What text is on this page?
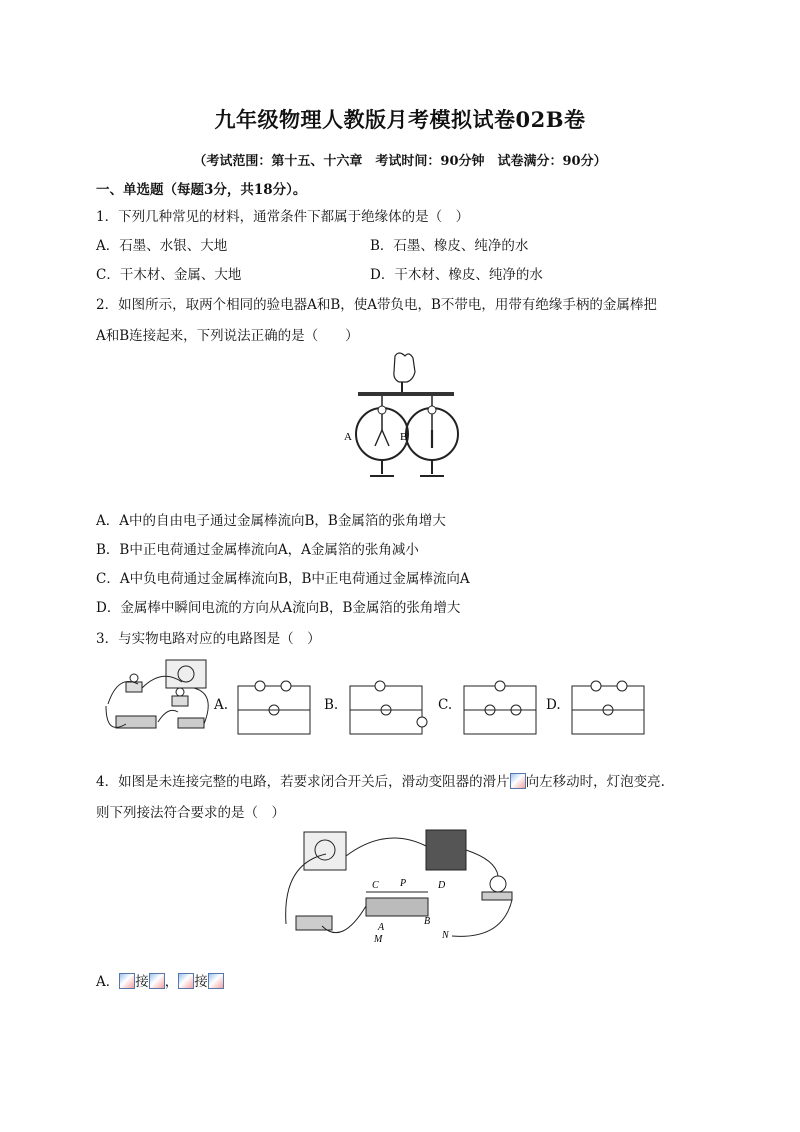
九年级物理人教版月考模拟试卷02B卷
（考试范围：第十五、十六章　考试时间：90分钟　试卷满分：90分）
一、单选题（每题3分，共18分）。
1．下列几种常见的材料，通常条件下都属于绝缘体的是（　）
A．石墨、水银、大地	B．石墨、橡皮、纯净的水
C．干木材、金属、大地	D．干木材、橡皮、纯净的水
2．如图所示，取两个相同的验电器A和B，使A带负电，B不带电，用带有绝缘手柄的金属棒把
A和B连接起来，下列说法正确的是（　　）
A	B
A．A中的自由电子通过金属棒流向B，B金属箔的张角增大
B．B中正电荷通过金属棒流向A，A金属箔的张角减小
C．A中负电荷通过金属棒流向B，B中正电荷通过金属棒流向A
D．金属棒中瞬间电流的方向从A流向B，B金属箔的张角增大
3．与实物电路对应的电路图是（　）
A.	B.	C.	D.
4．如图是未连接完整的电路，若要求闭合开关后，滑动变阻器的滑片 向左移动时，灯泡变亮.
则下列接法符合要求的是（　）
C P	D
A
B
M	N
A． 接 ， 接
